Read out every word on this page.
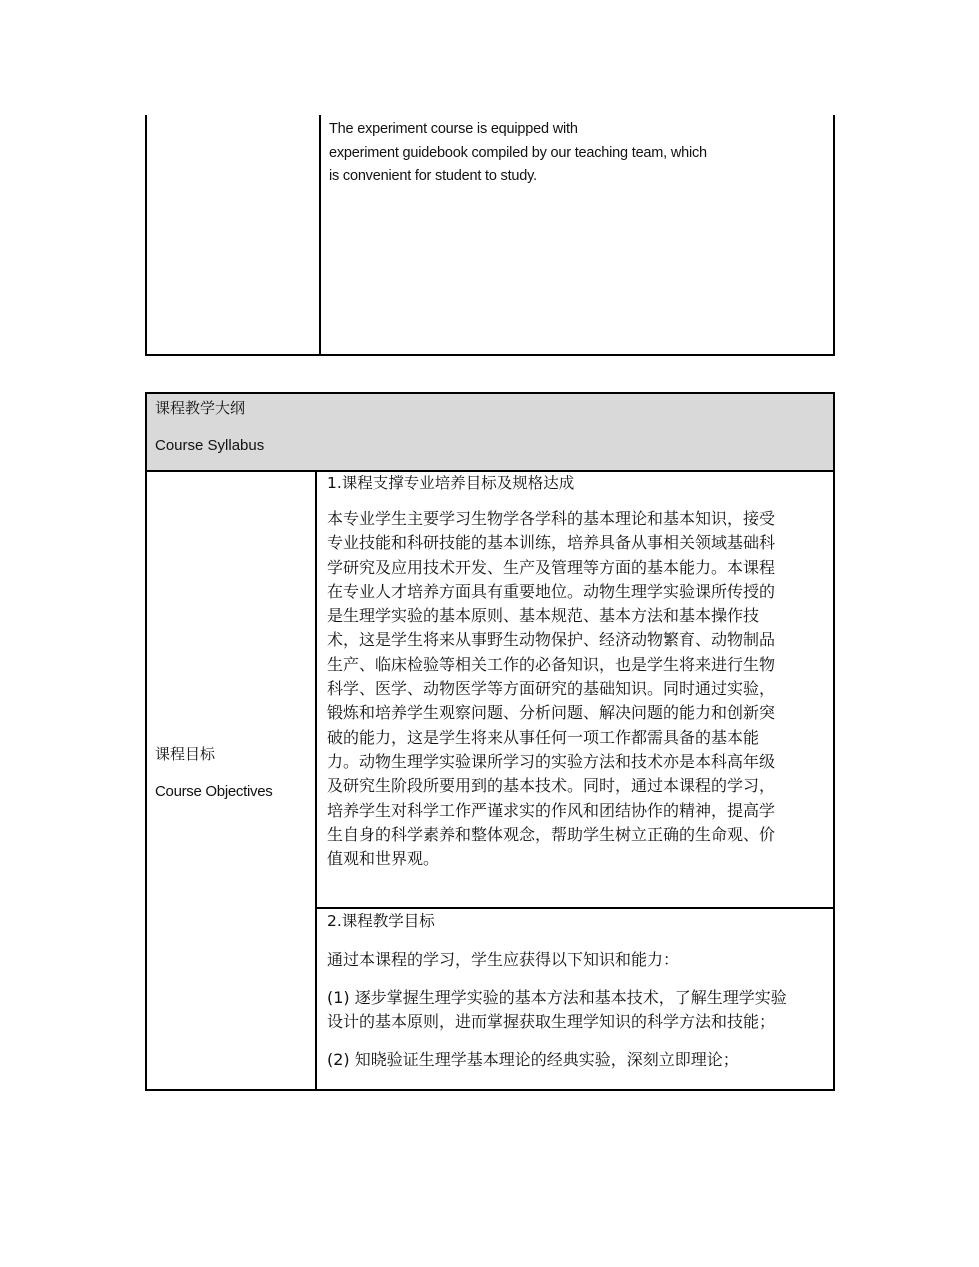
The experiment course is equipped with
experiment guidebook compiled by our teaching team, which
is convenient for student to study.
课程教学大纲
Course Syllabus
课程目标
Course Objectives
1.课程支撑专业培养目标及规格达成
本专业学生主要学习生物学各学科的基本理论和基本知识，接受
专业技能和科研技能的基本训练，培养具备从事相关领域基础科
学研究及应用技术开发、生产及管理等方面的基本能力。本课程
在专业人才培养方面具有重要地位。动物生理学实验课所传授的
是生理学实验的基本原则、基本规范、基本方法和基本操作技
术，这是学生将来从事野生动物保护、经济动物繁育、动物制品
生产、临床检验等相关工作的必备知识，也是学生将来进行生物
科学、医学、动物医学等方面研究的基础知识。同时通过实验，
锻炼和培养学生观察问题、分析问题、解决问题的能力和创新突
破的能力，这是学生将来从事任何一项工作都需具备的基本能
力。动物生理学实验课所学习的实验方法和技术亦是本科高年级
及研究生阶段所要用到的基本技术。同时，通过本课程的学习，
培养学生对科学工作严谨求实的作风和团结协作的精神，提高学
生自身的科学素养和整体观念，帮助学生树立正确的生命观、价
值观和世界观。
2.课程教学目标
通过本课程的学习，学生应获得以下知识和能力：
(1) 逐步掌握生理学实验的基本方法和基本技术，了解生理学实验
设计的基本原则，进而掌握获取生理学知识的科学方法和技能；
(2) 知晓验证生理学基本理论的经典实验，深刻立即理论；
